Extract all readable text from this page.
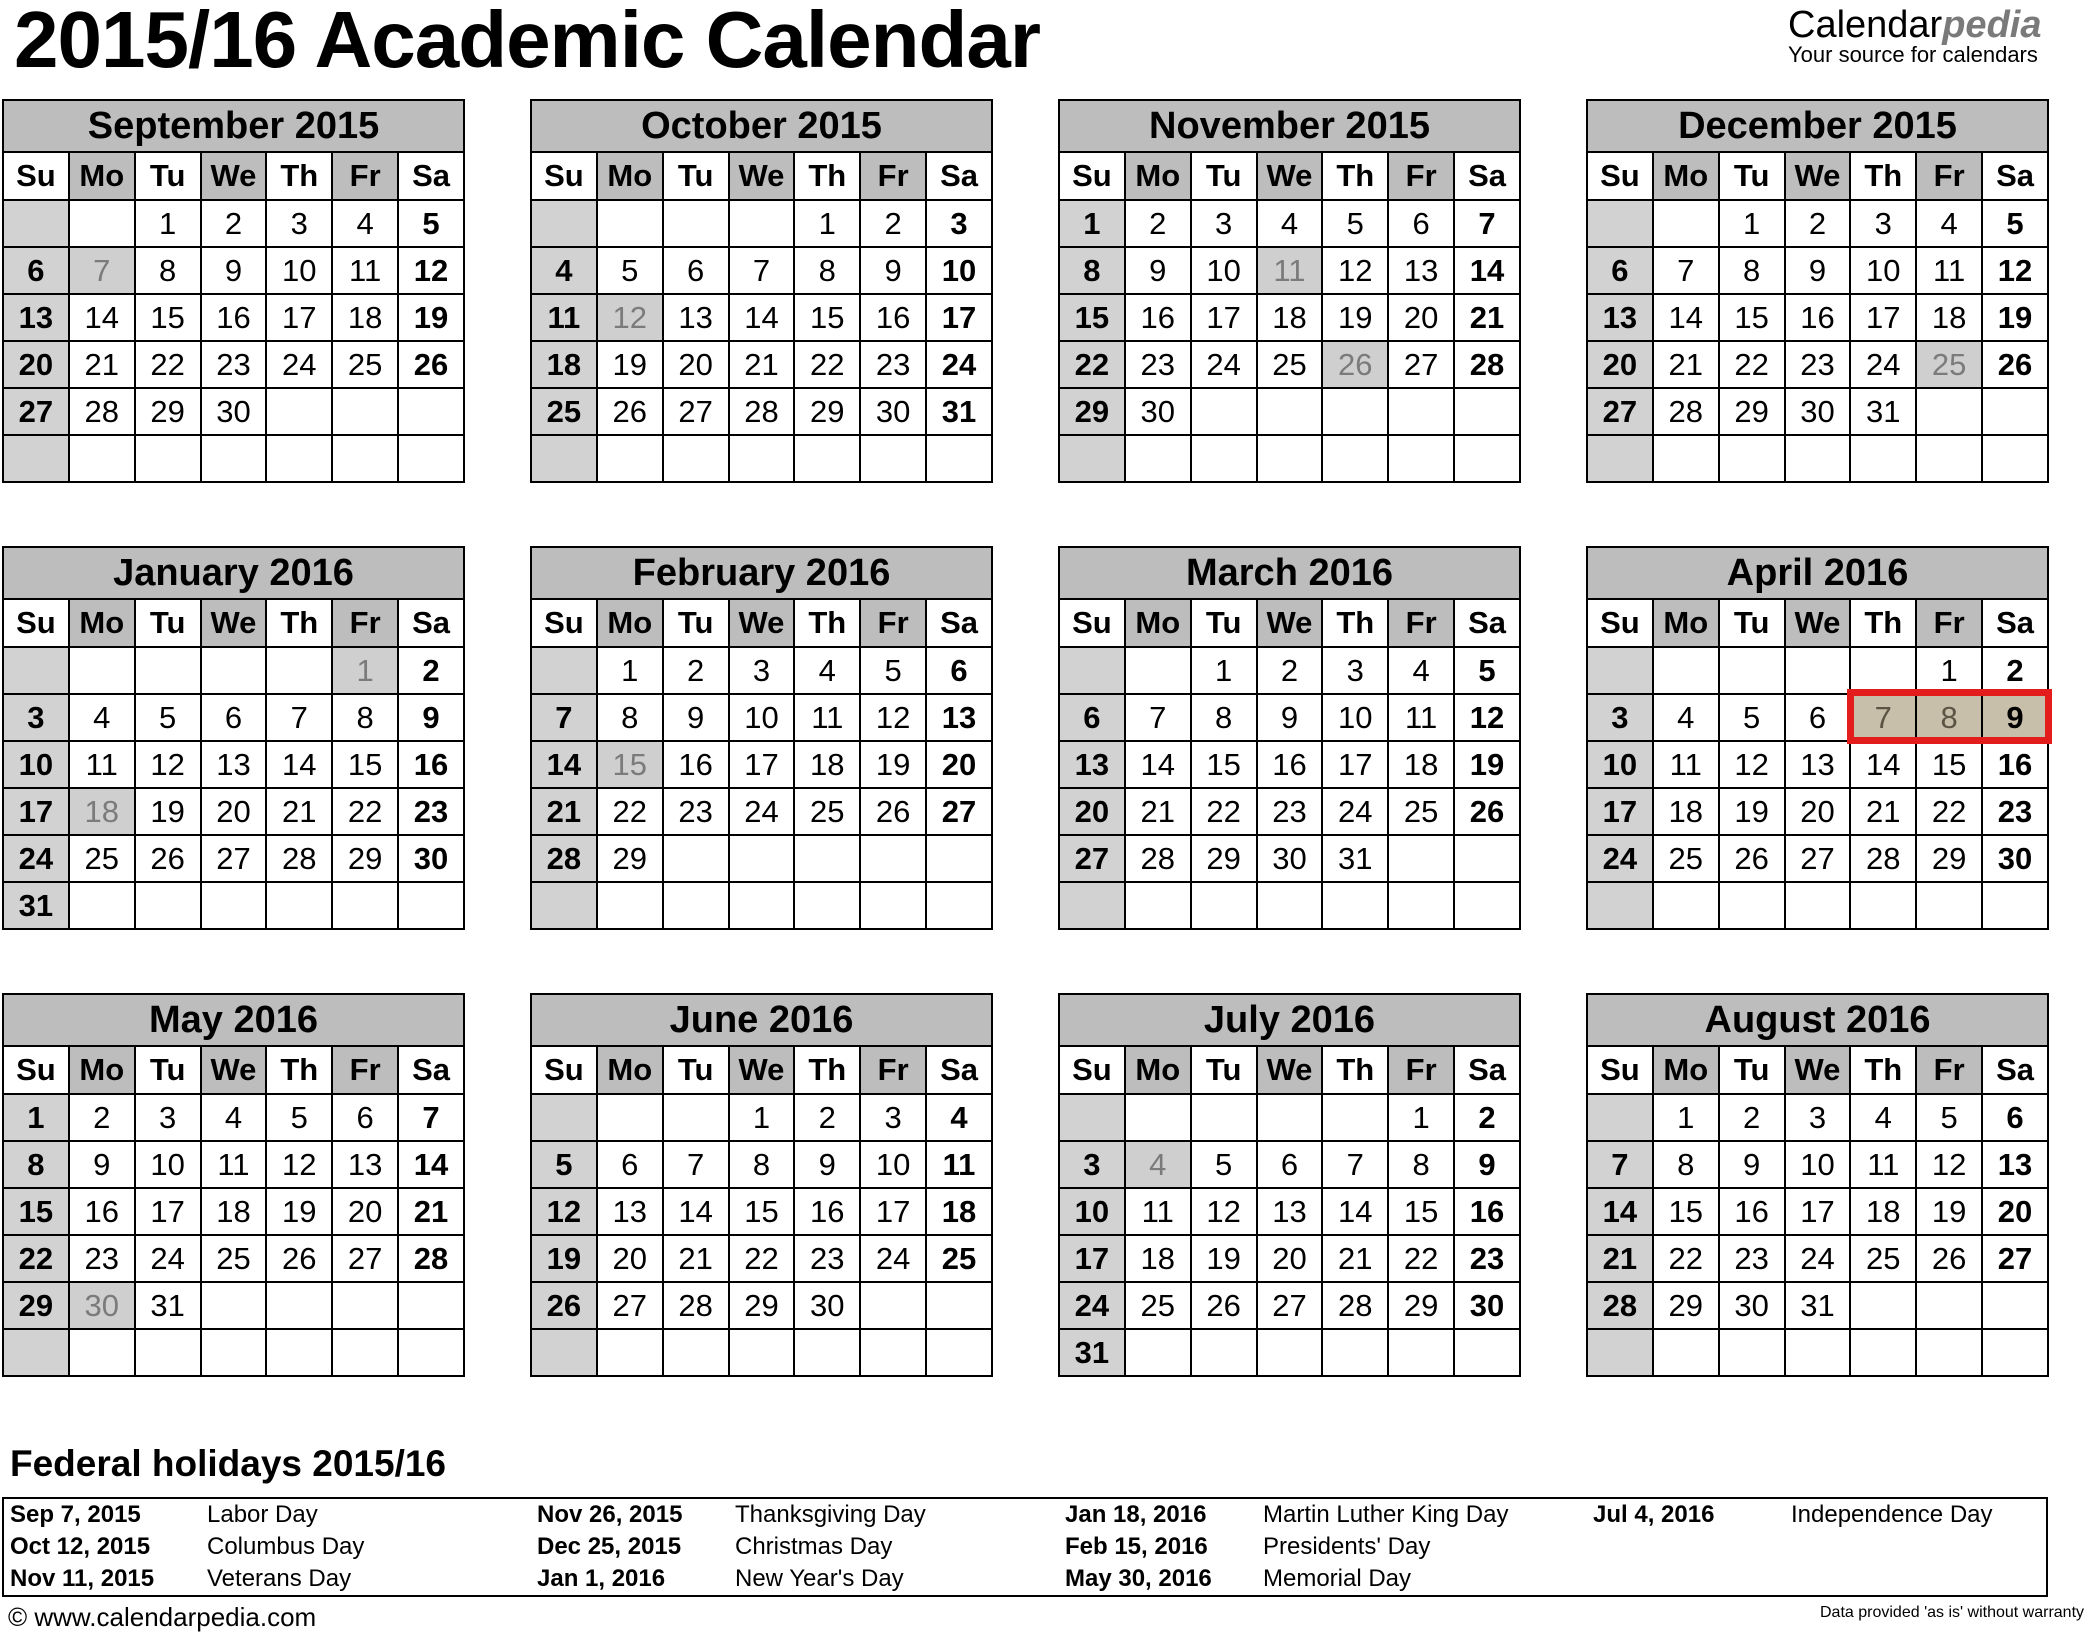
2015/16 Academic Calendar	Calendarpedia
Your source for calendars
September 2015						
Su	Mo	Tu	We	Th	Fr	Sa
		1	2	3	4	5
6	7	8	9	10	11	12
13	14	15	16	17	18	19
20	21	22	23	24	25	26
27	28	29	30			

October 2015						
Su	Mo	Tu	We	Th	Fr	Sa
				1	2	3
4	5	6	7	8	9	10
11	12	13	14	15	16	17
18	19	20	21	22	23	24
25	26	27	28	29	30	31

November 2015						
Su	Mo	Tu	We	Th	Fr	Sa
1	2	3	4	5	6	7
8	9	10	11	12	13	14
15	16	17	18	19	20	21
22	23	24	25	26	27	28
29	30					

December 2015						
Su	Mo	Tu	We	Th	Fr	Sa
		1	2	3	4	5
6	7	8	9	10	11	12
13	14	15	16	17	18	19
20	21	22	23	24	25	26
27	28	29	30	31		

January 2016						
Su	Mo	Tu	We	Th	Fr	Sa
					1	2
3	4	5	6	7	8	9
10	11	12	13	14	15	16
17	18	19	20	21	22	23
24	25	26	27	28	29	30
31						
February 2016						
Su	Mo	Tu	We	Th	Fr	Sa
	1	2	3	4	5	6
7	8	9	10	11	12	13
14	15	16	17	18	19	20
21	22	23	24	25	26	27
28	29					

March 2016						
Su	Mo	Tu	We	Th	Fr	Sa
		1	2	3	4	5
6	7	8	9	10	11	12
13	14	15	16	17	18	19
20	21	22	23	24	25	26
27	28	29	30	31		

April 2016						
Su	Mo	Tu	We	Th	Fr	Sa
					1	2
3	4	5	6	7	8	9
10	11	12	13	14	15	16
17	18	19	20	21	22	23
24	25	26	27	28	29	30

May 2016						
Su	Mo	Tu	We	Th	Fr	Sa
1	2	3	4	5	6	7
8	9	10	11	12	13	14
15	16	17	18	19	20	21
22	23	24	25	26	27	28
29	30	31				

June 2016						
Su	Mo	Tu	We	Th	Fr	Sa
			1	2	3	4
5	6	7	8	9	10	11
12	13	14	15	16	17	18
19	20	21	22	23	24	25
26	27	28	29	30		

July 2016						
Su	Mo	Tu	We	Th	Fr	Sa
					1	2
3	4	5	6	7	8	9
10	11	12	13	14	15	16
17	18	19	20	21	22	23
24	25	26	27	28	29	30
31						
August 2016						
Su	Mo	Tu	We	Th	Fr	Sa
	1	2	3	4	5	6
7	8	9	10	11	12	13
14	15	16	17	18	19	20
21	22	23	24	25	26	27
28	29	30	31			

Federal holidays 2015/16
Sep 7, 2015	Labor Day	Nov 26, 2015	Thanksgiving Day	Jan 18, 2016	Martin Luther King Day	Jul 4, 2016	Independence Day
Oct 12, 2015	Columbus Day	Dec 25, 2015	Christmas Day	Feb 15, 2016	Presidents' Day		
Nov 11, 2015	Veterans Day	Jan 1, 2016	New Year's Day	May 30, 2016	Memorial Day		
© www.calendarpedia.com	Data provided 'as is' without warranty
